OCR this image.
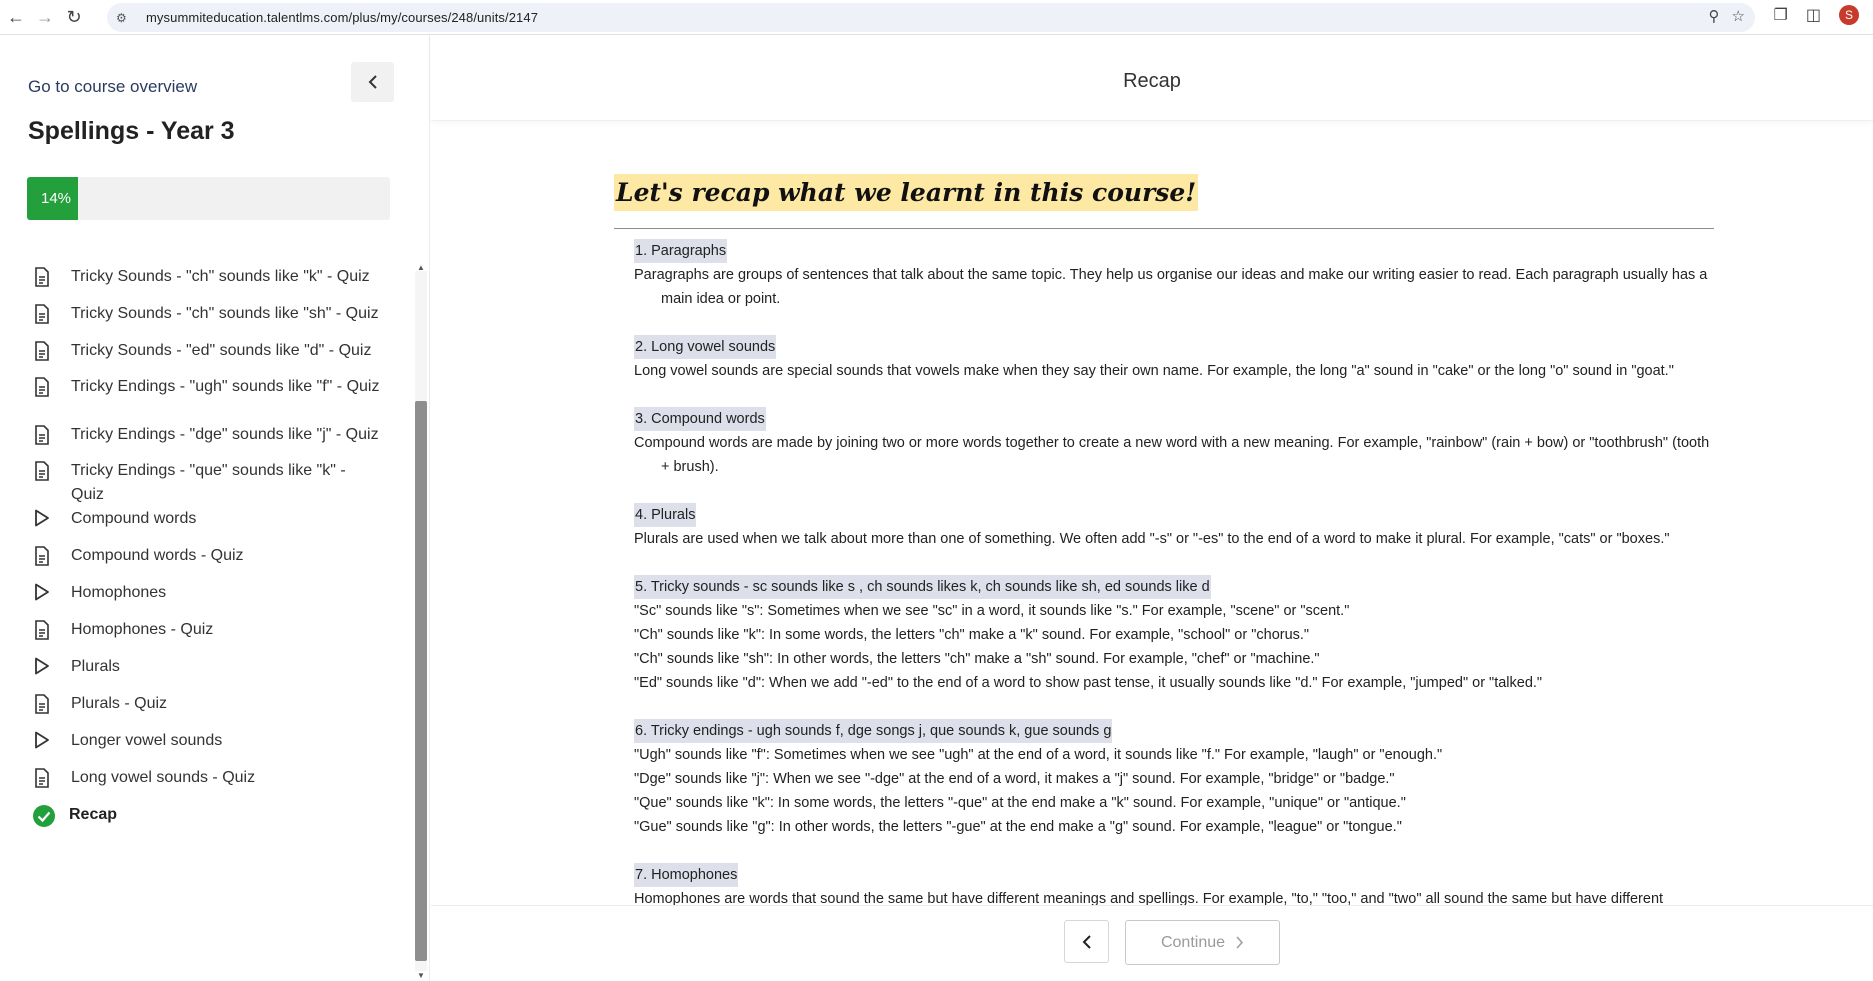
← → ↻	⚙	mysummiteducation.talentlms.com/plus/my/courses/248/units/2147	⚲ ☆ ❐ ◫	S
Go to course overview
Spellings - Year 3
14%
Tricky Sounds - "ch" sounds like "k" - Quiz
Tricky Sounds - "ch" sounds like "sh" - Quiz
Tricky Sounds - "ed" sounds like "d" - Quiz
Tricky Endings - "ugh" sounds like "f" - Quiz
Tricky Endings - "dge" sounds like "j" - Quiz
Tricky Endings - "que" sounds like "k" - Quiz
Compound words
Compound words - Quiz
Homophones
Homophones - Quiz
Plurals
Plurals - Quiz
Longer vowel sounds
Long vowel sounds - Quiz
Recap
▲
▼
Recap
Let's recap what we learnt in this course!
1. Paragraphs

Paragraphs are groups of sentences that talk about the same topic. They help us organise our ideas and make our writing easier to read. Each paragraph usually has a main idea or point.

2. Long vowel sounds

Long vowel sounds are special sounds that vowels make when they say their own name. For example, the long "a" sound in "cake" or the long "o" sound in "goat."

3. Compound words

Compound words are made by joining two or more words together to create a new word with a new meaning. For example, "rainbow" (rain + bow) or "toothbrush" (tooth + brush).

4. Plurals

Plurals are used when we talk about more than one of something. We often add "-s" or "-es" to the end of a word to make it plural. For example, "cats" or "boxes."

5. Tricky sounds - sc sounds like s , ch sounds likes k, ch sounds like sh, ed sounds like d

"Sc" sounds like "s": Sometimes when we see "sc" in a word, it sounds like "s." For example, "scene" or "scent."

"Ch" sounds like "k": In some words, the letters "ch" make a "k" sound. For example, "school" or "chorus."

"Ch" sounds like "sh": In other words, the letters "ch" make a "sh" sound. For example, "chef" or "machine."

"Ed" sounds like "d": When we add "-ed" to the end of a word to show past tense, it usually sounds like "d." For example, "jumped" or "talked."

6. Tricky endings - ugh sounds f, dge songs j, que sounds k, gue sounds g

"Ugh" sounds like "f": Sometimes when we see "ugh" at the end of a word, it sounds like "f." For example, "laugh" or "enough."

"Dge" sounds like "j": When we see "-dge" at the end of a word, it makes a "j" sound. For example, "bridge" or "badge."

"Que" sounds like "k": In some words, the letters "-que" at the end make a "k" sound. For example, "unique" or "antique."

"Gue" sounds like "g": In other words, the letters "-gue" at the end make a "g" sound. For example, "league" or "tongue."

7. Homophones

Homophones are words that sound the same but have different meanings and spellings. For example, "to," "too," and "two" all sound the same but have different

Continue
